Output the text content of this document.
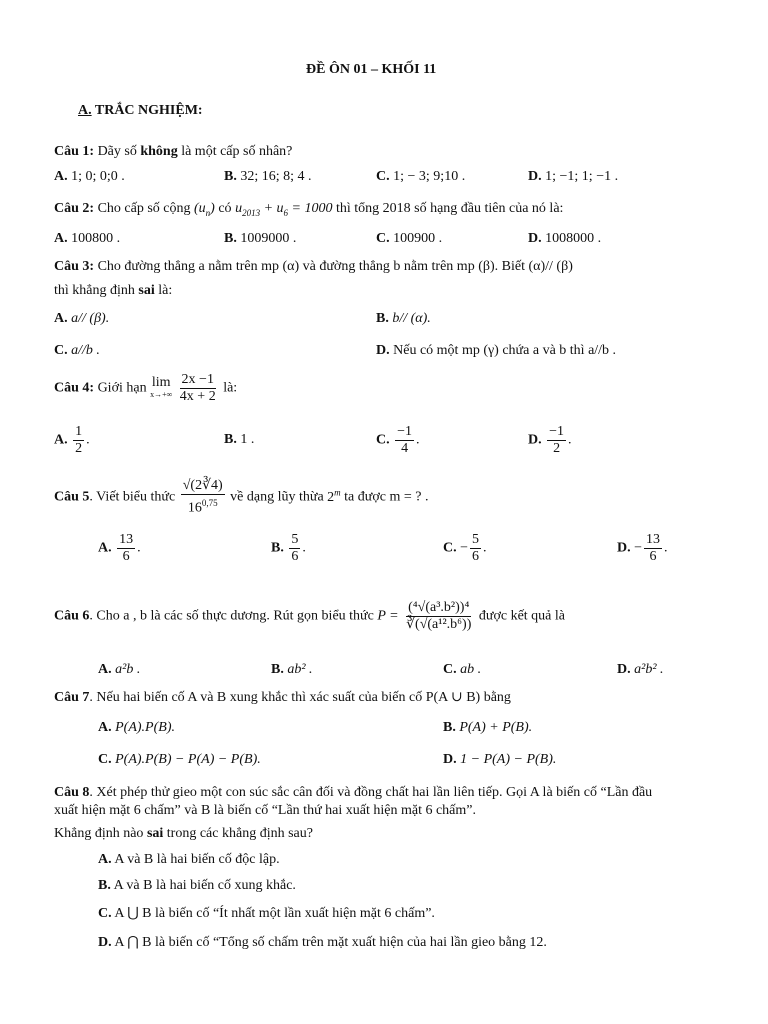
ĐỀ ÔN 01 – KHỐI 11
A. TRẮC NGHIỆM:
Câu 1: Dãy số không là một cấp số nhân?
A. 1; 0; 0;0 .	B. 32; 16; 8; 4 .	C. 1; − 3; 9;10 .	D. 1; −1; 1; −1 .
Câu 2: Cho cấp số cộng $(u_n)$ có $u_{2013} + u_6 = 1000$ thì tổng 2018 số hạng đầu tiên của nó là:
A. 100800 .	B. 1009000 .	C. 100900 .	D. 1008000 .
Câu 3: Cho đường thẳng a nằm trên mp (α) và đường thẳng b nằm trên mp (β). Biết (α)// (β)
thì khẳng định sai là:
A. a// (β).	B. b// (α).
C. a//b .	D. Nếu có một mp (γ) chứa a và b thì a//b .
Câu 4: Giới hạn lim
x→+∞
$\frac{2x -1}{4x + 2}$ là:
A. $\frac{1}{2}$ .	B. 1 .	C. $\frac{-1}{4}$ .	D. $\frac{-1}{2}$ .
Câu 5. Viết biểu thức $\frac{√(2∛4)}{16^{0,75}}$ về dạng lũy thừa 2$^m$ ta được m = ? .
A. $\frac{13}{6}$ .	B. $\frac{5}{6}$ .	C. − $\frac{5}{6}$ .	D. − $\frac{13}{6}$ .
Câu 6. Cho a , b là các số thực dương. Rút gọn biểu thức $P = \frac{\text{(⁴√(a³.b²))⁴}}{\text{∛(√(a¹².b⁶))}}$ được kết quả là
A. a²b .	B. ab² .	C. ab .	D. a²b² .
Câu 7. Nếu hai biến cố A và B xung khắc thì xác suất của biến cố P(A ∪ B) bằng
A. P(A).P(B).	B. P(A) + P(B).
C. P(A).P(B) − P(A) − P(B).	D. 1 − P(A) − P(B).
Câu 8. Xét phép thử gieo một con súc sắc cân đối và đồng chất hai lần liên tiếp. Gọi A là biến cố “Lần đầu
xuất hiện mặt 6 chấm” và B là biến cố “Lần thứ hai xuất hiện mặt 6 chấm”.
Khẳng định nào sai trong các khẳng định sau?
A. A và B là hai biến cố độc lập.
B. A và B là hai biến cố xung khắc.
C. A ⋃ B là biến cố “Ít nhất một lần xuất hiện mặt 6 chấm”.
D. A ⋂ B là biến cố “Tổng số chấm trên mặt xuất hiện của hai lần gieo bằng 12.
